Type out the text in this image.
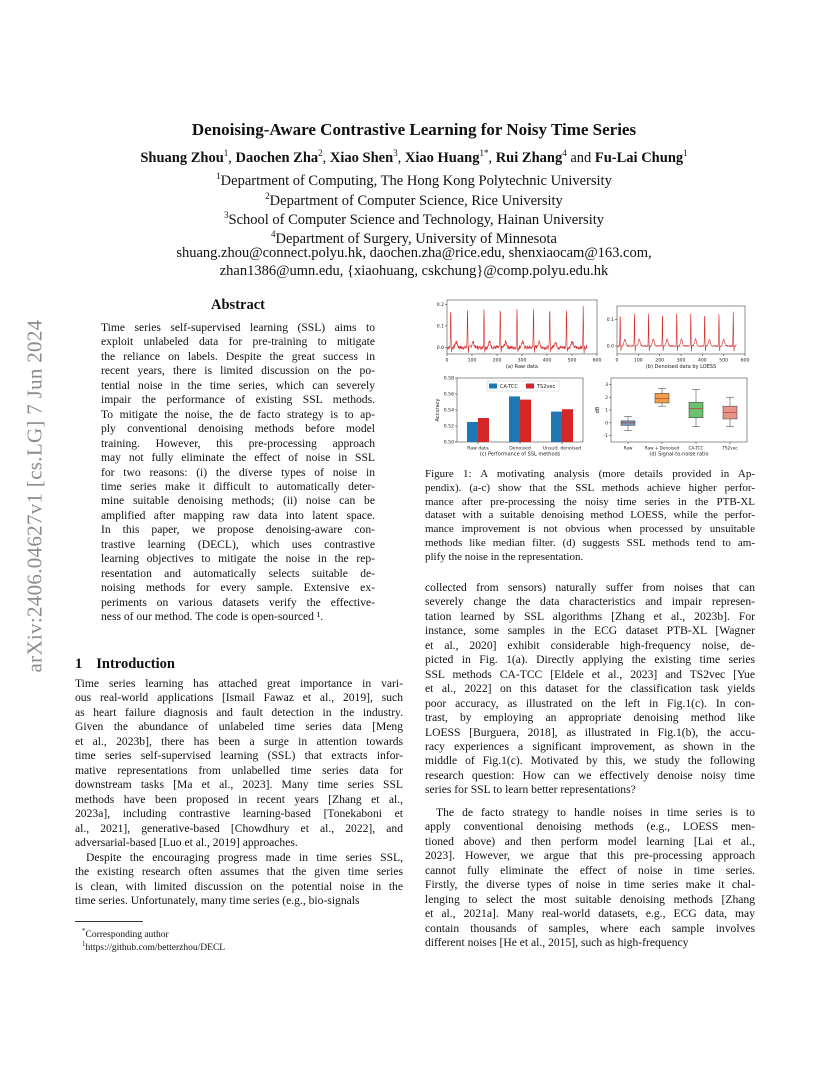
arXiv:2406.04627v1 [cs.LG] 7 Jun 2024
Denoising-Aware Contrastive Learning for Noisy Time Series
Shuang Zhou$^1$, Daochen Zha$^2$, Xiao Shen$^3$, Xiao Huang$^{1*}$, Rui Zhang$^4$ and Fu-Lai Chung$^1$
$^1$Department of Computing, The Hong Kong Polytechnic University
$^2$Department of Computer Science, Rice University
$^3$School of Computer Science and Technology, Hainan University
$^4$Department of Surgery, University of Minnesota
shuang.zhou@connect.polyu.hk, daochen.zha@rice.edu, shenxiaocam@163.com,
zhan1386@umn.edu, {xiaohuang, cskchung}@comp.polyu.edu.hk
Abstract
Time series self-supervised learning (SSL) aims to
exploit unlabeled data for pre-training to mitigate
the reliance on labels. Despite the great success in
recent years, there is limited discussion on the po-
tential noise in the time series, which can severely
impair the performance of existing SSL methods.
To mitigate the noise, the de facto strategy is to ap-
ply conventional denoising methods before model
training. However, this pre-processing approach
may not fully eliminate the effect of noise in SSL
for two reasons: (i) the diverse types of noise in
time series make it difficult to automatically deter-
mine suitable denoising methods; (ii) noise can be
amplified after mapping raw data into latent space.
In this paper, we propose denoising-aware con-
trastive learning (DECL), which uses contrastive
learning objectives to mitigate the noise in the rep-
resentation and automatically selects suitable de-
noising methods for every sample. Extensive ex-
periments on various datasets verify the effective-
ness of our method. The code is open-sourced ¹.
1 Introduction
Time series learning has attached great importance in vari-
ous real-world applications [Ismail Fawaz et al., 2019], such
as heart failure diagnosis and fault detection in the industry.
Given the abundance of unlabeled time series data [Meng
et al., 2023b], there has been a surge in attention towards
time series self-supervised learning (SSL) that extracts infor-
mative representations from unlabelled time series data for
downstream tasks [Ma et al., 2023]. Many time series SSL
methods have been proposed in recent years [Zhang et al.,
2023a], including contrastive learning-based [Tonekaboni et
al., 2021], generative-based [Chowdhury et al., 2022], and
adversarial-based [Luo et al., 2019] approaches.
Despite the encouraging progress made in time series SSL,
the existing research often assumes that the given time series
is clean, with limited discussion on the potential noise in the
time series. Unfortunately, many time series (e.g., bio-signals
*Corresponding author
$^1$https://github.com/betterzhou/DECL
0	100	200	300	400	500	600
0.0
0.1
0.2
(a) Raw data
0	100	200	300	400	500	600
0.0
0.1
(b) Denoised data by LOESS
0.50
0.52
0.54
0.56
0.58
Accuracy
Raw data	Denoised	Unsuit. denoised
CA-TCC	TS2vec
(c) Performance of SSL methods
-1
0
1
2
3
dB
Raw	Raw + Denoised CA-TCC	TS2vec
(d) Signal-to-noise ratio
Figure 1: A motivating analysis (more details provided in Ap-
pendix). (a-c) show that the SSL methods achieve higher perfor-
mance after pre-processing the noisy time series in the PTB-XL
dataset with a suitable denoising method LOESS, while the perfor-
mance improvement is not obvious when processed by unsuitable
methods like median filter. (d) suggests SSL methods tend to am-
plify the noise in the representation.
collected from sensors) naturally suffer from noises that can
severely change the data characteristics and impair represen-
tation learned by SSL algorithms [Zhang et al., 2023b]. For
instance, some samples in the ECG dataset PTB-XL [Wagner
et al., 2020] exhibit considerable high-frequency noise, de-
picted in Fig. 1(a). Directly applying the existing time series
SSL methods CA-TCC [Eldele et al., 2023] and TS2vec [Yue
et al., 2022] on this dataset for the classification task yields
poor accuracy, as illustrated on the left in Fig.1(c). In con-
trast, by employing an appropriate denoising method like
LOESS [Burguera, 2018], as illustrated in Fig.1(b), the accu-
racy experiences a significant improvement, as shown in the
middle of Fig.1(c). Motivated by this, we study the following
research question: How can we effectively denoise noisy time
series for SSL to learn better representations?
The de facto strategy to handle noises in time series is to
apply conventional denoising methods (e.g., LOESS men-
tioned above) and then perform model learning [Lai et al.,
2023]. However, we argue that this pre-processing approach
cannot fully eliminate the effect of noise in time series.
Firstly, the diverse types of noise in time series make it chal-
lenging to select the most suitable denoising methods [Zhang
et al., 2021a]. Many real-world datasets, e.g., ECG data, may
contain thousands of samples, where each sample involves
different noises [He et al., 2015], such as high-frequency
